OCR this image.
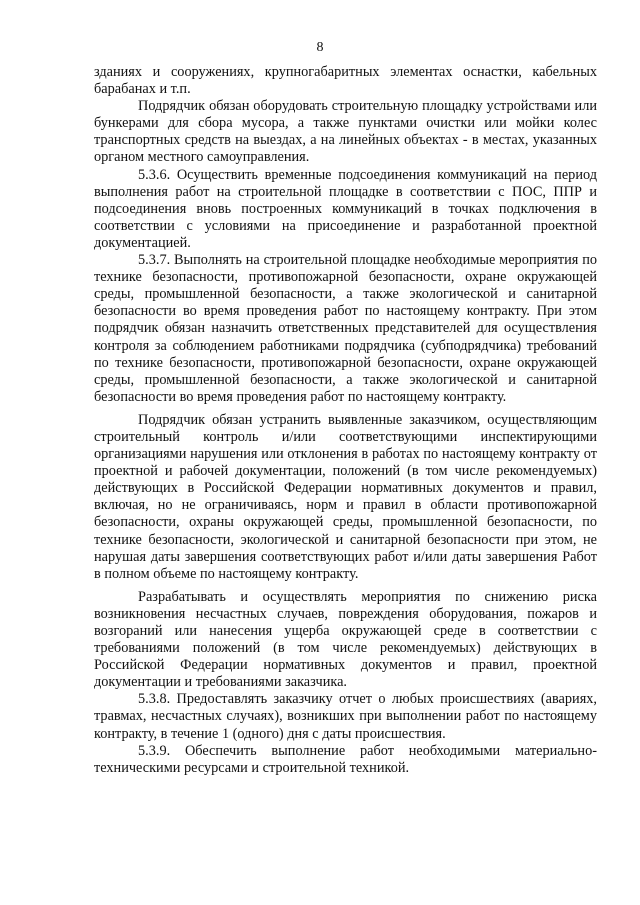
8

зданиях и сооружениях, крупногабаритных элементах оснастки, кабельных барабанах и т.п.

Подрядчик обязан оборудовать строительную площадку устройствами или бункерами для сбора мусора, а также пунктами очистки или мойки колес транспортных средств на выездах, а на линейных объектах - в местах, указанных органом местного самоуправления.

5.3.6. Осуществить временные подсоединения коммуникаций на период выполнения работ на строительной площадке в соответствии с ПОС, ППР и подсоединения вновь построенных коммуникаций в точках подключения в соответствии с условиями на присоединение и разработанной проектной документацией.

5.3.7. Выполнять на строительной площадке необходимые мероприятия по технике безопасности, противопожарной безопасности, охране окружающей среды, промышленной безопасности, а также экологической и санитарной безопасности во время проведения работ по настоящему контракту. При этом подрядчик обязан назначить ответственных представителей для осуществления контроля за соблюдением работниками подрядчика (субподрядчика) требований по технике безопасности, противопожарной безопасности, охране окружающей среды, промышленной безопасности, а также экологической и санитарной безопасности во время проведения работ по настоящему контракту.

Подрядчик обязан устранить выявленные заказчиком, осуществляющим строительный контроль и/или соответствующими инспектирующими организациями нарушения или отклонения в работах по настоящему контракту от проектной и рабочей документации, положений (в том числе рекомендуемых) действующих в Российской Федерации нормативных документов и правил, включая, но не ограничиваясь, норм и правил в области противопожарной безопасности, охраны окружающей среды, промышленной безопасности, по технике безопасности, экологической и санитарной безопасности при этом, не нарушая даты завершения соответствующих работ и/или даты завершения Работ в полном объеме по настоящему контракту.

Разрабатывать и осуществлять мероприятия по снижению риска возникновения несчастных случаев, повреждения оборудования, пожаров и возгораний или нанесения ущерба окружающей среде в соответствии с требованиями положений (в том числе рекомендуемых) действующих в Российской Федерации нормативных документов и правил, проектной документации и требованиями заказчика.

5.3.8. Предоставлять заказчику отчет о любых происшествиях (авариях, травмах, несчастных случаях), возникших при выполнении работ по настоящему контракту, в течение 1 (одного) дня с даты происшествия.

5.3.9. Обеспечить выполнение работ необходимыми материально-техническими ресурсами и строительной техникой.
